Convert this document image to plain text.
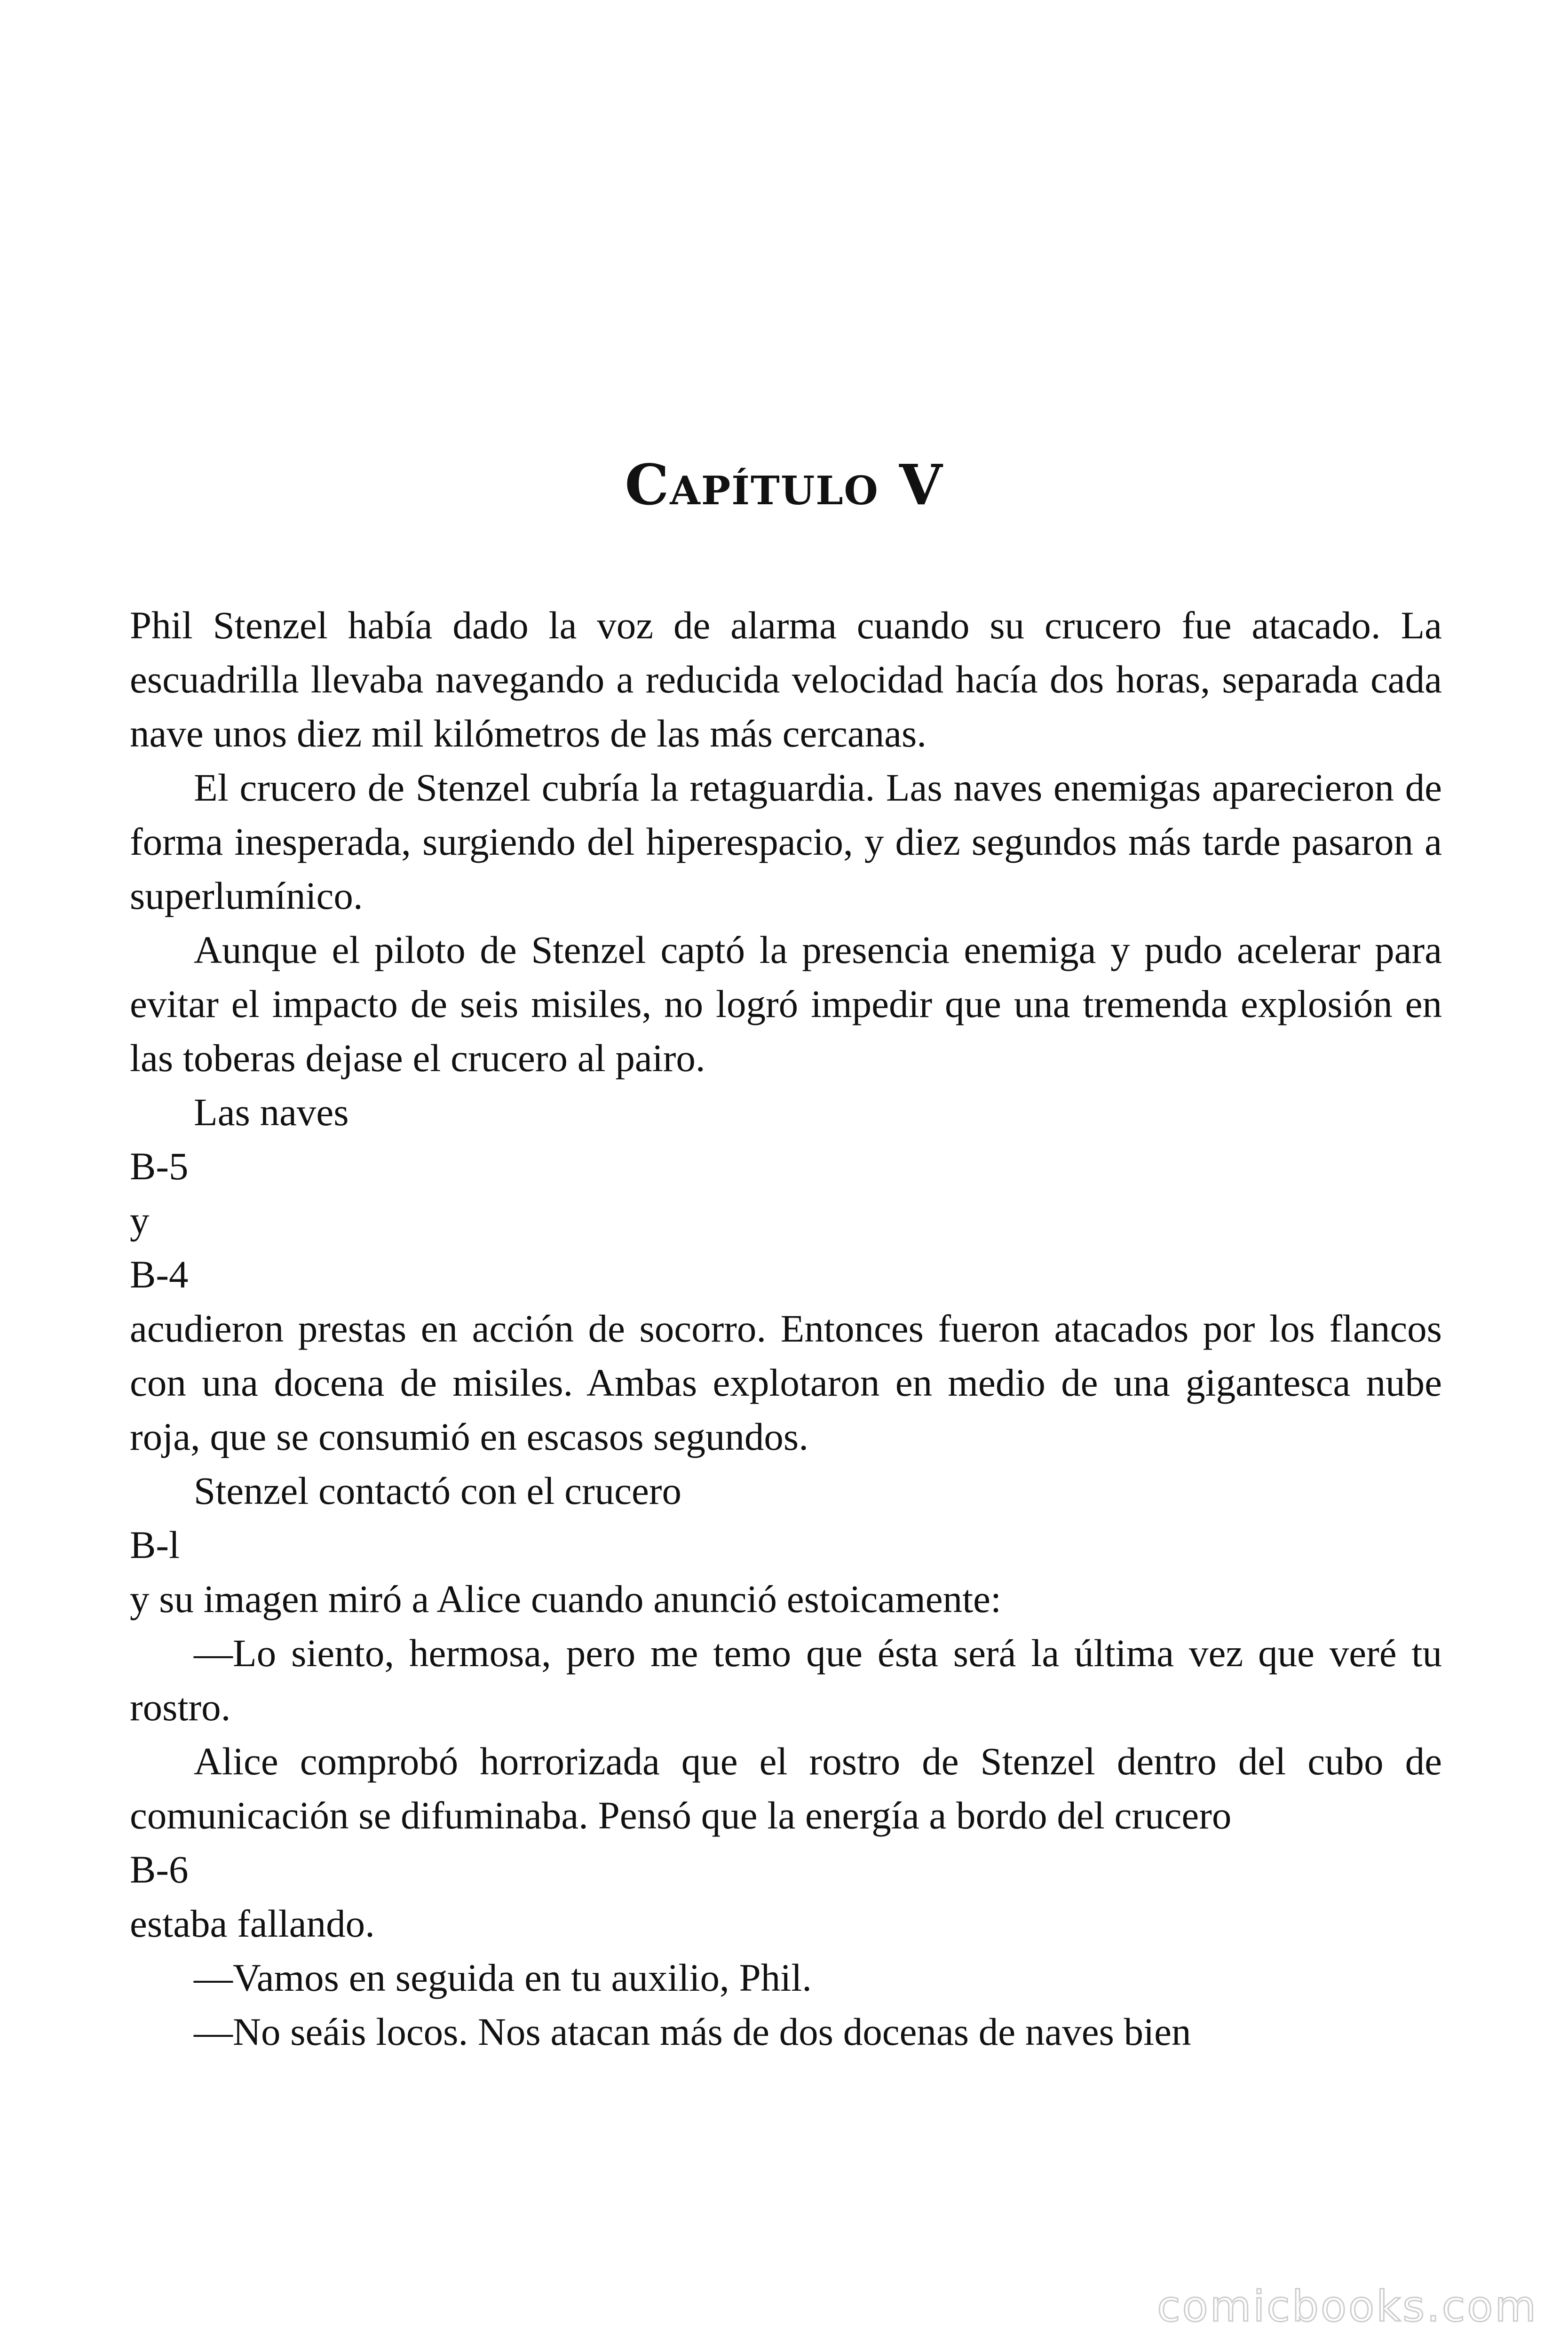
Capítulo V

Phil Stenzel había dado la voz de alarma cuando su crucero fue atacado. La escuadrilla llevaba navegando a reducida velocidad hacía dos horas, separada cada nave unos diez mil kilómetros de las más cercanas.

El crucero de Stenzel cubría la retaguardia. Las naves enemigas aparecieron de forma inesperada, surgiendo del hiperespacio, y diez segundos más tarde pasaron a superlumínico.

Aunque el piloto de Stenzel captó la presencia enemiga y pudo acelerar para evitar el impacto de seis misiles, no logró impedir que una tremenda explosión en las toberas dejase el crucero al pairo.

Las naves

B-5

y

B-4

acudieron prestas en acción de socorro. Entonces fueron atacados por los flancos con una docena de misiles. Ambas explotaron en medio de una gigantesca nube roja, que se consumió en escasos segundos.

Stenzel contactó con el crucero

B-l

y su imagen miró a Alice cuando anunció estoicamente:

—Lo siento, hermosa, pero me temo que ésta será la última vez que veré tu rostro.

Alice comprobó horrorizada que el rostro de Stenzel dentro del cubo de comunicación se difuminaba. Pensó que la energía a bordo del crucero

B-6

estaba fallando.

—Vamos en seguida en tu auxilio, Phil.

—No seáis locos. Nos atacan más de dos docenas de naves bien

comicbooks.com
